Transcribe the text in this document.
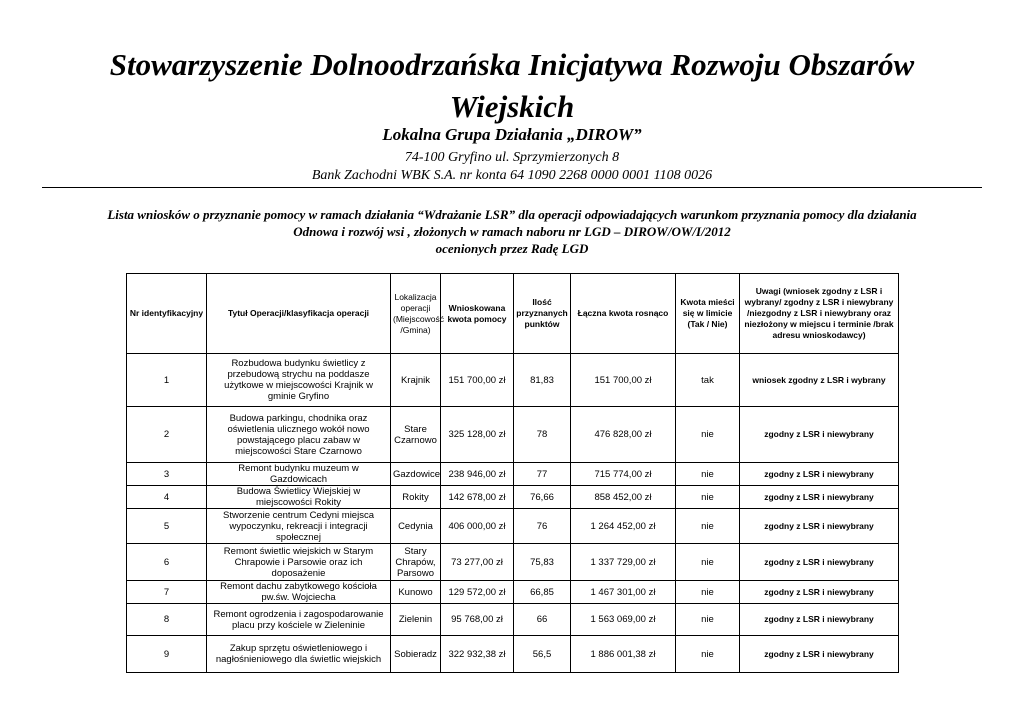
Stowarzyszenie Dolnoodrzańska Inicjatywa Rozwoju Obszarów
Wiejskich
Lokalna Grupa Działania „DIROW”
74-100 Gryfino ul. Sprzymierzonych 8
Bank Zachodni WBK S.A. nr konta 64 1090 2268 0000 0001 1108 0026
Lista wniosków o przyznanie pomocy w ramach działania “Wdrażanie LSR” dla operacji odpowiadających warunkom przyznania pomocy dla działania
Odnowa i rozwój wsi , złożonych w ramach naboru nr LGD – DIROW/OW/I/2012
ocenionych przez Radę LGD
Nr identyfikacyjny	Tytuł Operacji/klasyfikacja operacji	Lokalizacja operacji (Miejscowość /Gmina)	Wnioskowana kwota pomocy	Ilość przyznanych punktów	Łączna kwota rosnąco	Kwota mieści się w limicie (Tak / Nie)	Uwagi (wniosek zgodny z LSR i wybrany/ zgodny z LSR i niewybrany /niezgodny z LSR i niewybrany oraz niezłożony w miejscu i terminie /brak adresu wnioskodawcy)
1	Rozbudowa budynku świetlicy z przebudową strychu na poddasze użytkowe w miejscowości Krajnik w gminie Gryfino	Krajnik	151 700,00 zł	81,83	151 700,00 zł	tak	wniosek zgodny z LSR i wybrany
2	Budowa parkingu, chodnika oraz oświetlenia ulicznego wokół nowo powstającego placu zabaw w miejscowości Stare Czarnowo	Stare Czarnowo	325 128,00 zł	78	476 828,00 zł	nie	zgodny z LSR i niewybrany
3	Remont budynku muzeum w Gazdowicach	Gazdowice	238 946,00 zł	77	715 774,00 zł	nie	zgodny z LSR i niewybrany
4	Budowa Świetlicy Wiejskiej w miejscowości Rokity	Rokity	142 678,00 zł	76,66	858 452,00 zł	nie	zgodny z LSR i niewybrany
5	Stworzenie centrum Cedyni miejsca wypoczynku, rekreacji i integracji społecznej	Cedynia	406 000,00 zł	76	1 264 452,00 zł	nie	zgodny z LSR i niewybrany
6	Remont świetlic wiejskich w Starym Chrapowie i Parsowie oraz ich doposażenie	Stary Chrapów, Parsowo	73 277,00 zł	75,83	1 337 729,00 zł	nie	zgodny z LSR i niewybrany
7	Remont dachu zabytkowego kościoła pw.św. Wojciecha	Kunowo	129 572,00 zł	66,85	1 467 301,00 zł	nie	zgodny z LSR i niewybrany
8	Remont ogrodzenia i zagospodarowanie placu przy kościele w Zieleninie	Zielenin	95 768,00 zł	66	1 563 069,00 zł	nie	zgodny z LSR i niewybrany
9	Zakup sprzętu oświetleniowego i nagłośnieniowego dla świetlic wiejskich	Sobieradz	322 932,38 zł	56,5	1 886 001,38 zł	nie	zgodny z LSR i niewybrany
